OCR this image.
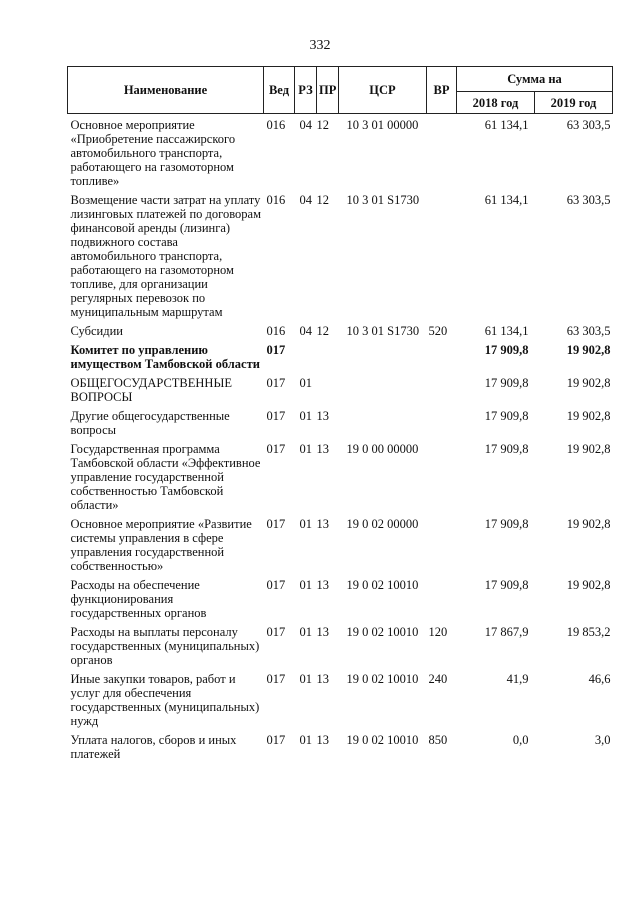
332
Наименование	Вед	РЗ	ПР	ЦСР	ВР	Сумма на	
						2018 год	2019 год
Основное мероприятие «Приобретение пассажирского автомобильного транспорта, работающего на газомоторном топливе»	016	04	12	10 3 01 00000		61 134,1	63 303,5
Возмещение части затрат на уплату лизинговых платежей по договорам финансовой аренды (лизинга) подвижного состава автомобильного транспорта, работающего на газомоторном топливе, для организации регулярных перевозок по муниципальным маршрутам	016	04	12	10 3 01 S1730		61 134,1	63 303,5
Субсидии	016	04	12	10 3 01 S1730	520	61 134,1	63 303,5
Комитет по управлению имуществом Тамбовской области	017					17 909,8	19 902,8
ОБЩЕГОСУДАРСТВЕННЫЕ ВОПРОСЫ	017	01				17 909,8	19 902,8
Другие общегосударственные вопросы	017	01	13			17 909,8	19 902,8
Государственная программа Тамбовской области «Эффективное управление государственной собственностью Тамбовской области»	017	01	13	19 0 00 00000		17 909,8	19 902,8
Основное мероприятие «Развитие системы управления в сфере управления государственной собственностью»	017	01	13	19 0 02 00000		17 909,8	19 902,8
Расходы на обеспечение функционирования государственных органов	017	01	13	19 0 02 10010		17 909,8	19 902,8
Расходы на выплаты персоналу государственных (муниципальных) органов	017	01	13	19 0 02 10010	120	17 867,9	19 853,2
Иные закупки товаров, работ и услуг для обеспечения государственных (муниципальных) нужд	017	01	13	19 0 02 10010	240	41,9	46,6
Уплата налогов, сборов и иных платежей	017	01	13	19 0 02 10010	850	0,0	3,0
